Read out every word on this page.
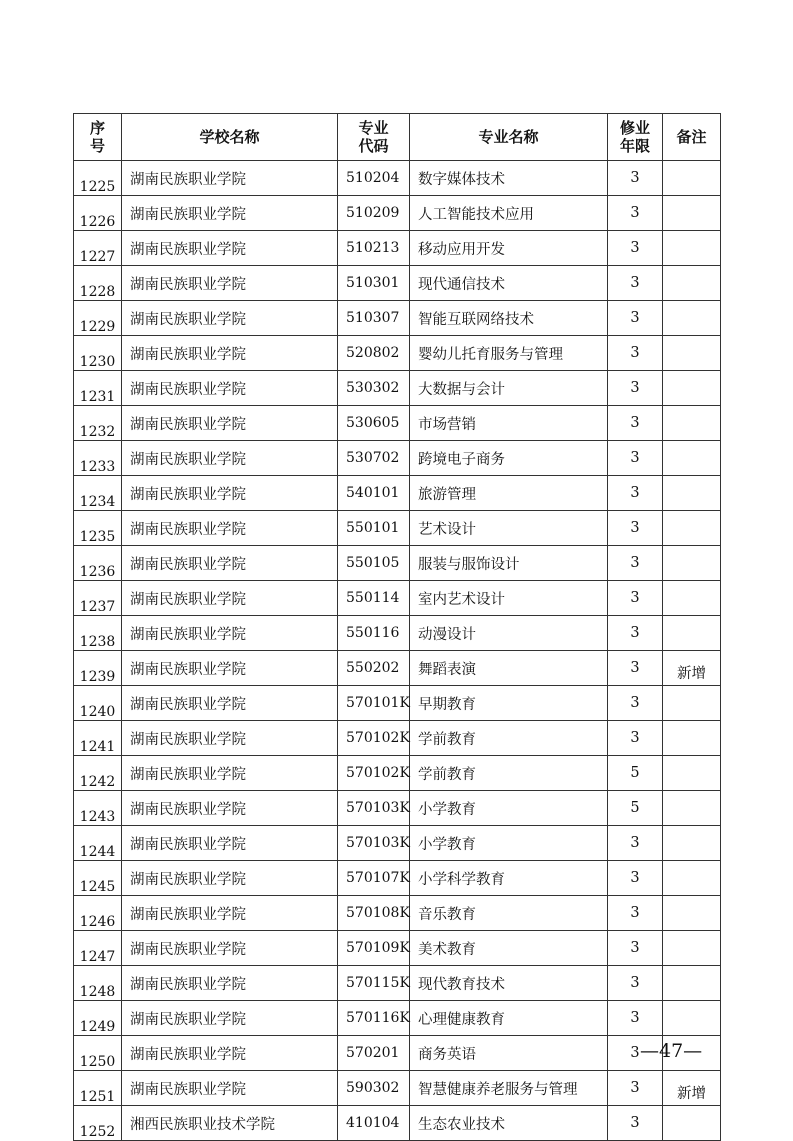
序号	学校名称	专业代码	专业名称	修业年限	备注
1225	湖南民族职业学院	510204	数字媒体技术	3	
1226	湖南民族职业学院	510209	人工智能技术应用	3	
1227	湖南民族职业学院	510213	移动应用开发	3	
1228	湖南民族职业学院	510301	现代通信技术	3	
1229	湖南民族职业学院	510307	智能互联网络技术	3	
1230	湖南民族职业学院	520802	婴幼儿托育服务与管理	3	
1231	湖南民族职业学院	530302	大数据与会计	3	
1232	湖南民族职业学院	530605	市场营销	3	
1233	湖南民族职业学院	530702	跨境电子商务	3	
1234	湖南民族职业学院	540101	旅游管理	3	
1235	湖南民族职业学院	550101	艺术设计	3	
1236	湖南民族职业学院	550105	服装与服饰设计	3	
1237	湖南民族职业学院	550114	室内艺术设计	3	
1238	湖南民族职业学院	550116	动漫设计	3	
1239	湖南民族职业学院	550202	舞蹈表演	3	新增
1240	湖南民族职业学院	570101K	早期教育	3	
1241	湖南民族职业学院	570102K	学前教育	3	
1242	湖南民族职业学院	570102K	学前教育	5	
1243	湖南民族职业学院	570103K	小学教育	5	
1244	湖南民族职业学院	570103K	小学教育	3	
1245	湖南民族职业学院	570107K	小学科学教育	3	
1246	湖南民族职业学院	570108K	音乐教育	3	
1247	湖南民族职业学院	570109K	美术教育	3	
1248	湖南民族职业学院	570115K	现代教育技术	3	
1249	湖南民族职业学院	570116K	心理健康教育	3	
1250	湖南民族职业学院	570201	商务英语	3	
1251	湖南民族职业学院	590302	智慧健康养老服务与管理	3	新增
1252	湘西民族职业技术学院	410104	生态农业技术	3	
—47—
